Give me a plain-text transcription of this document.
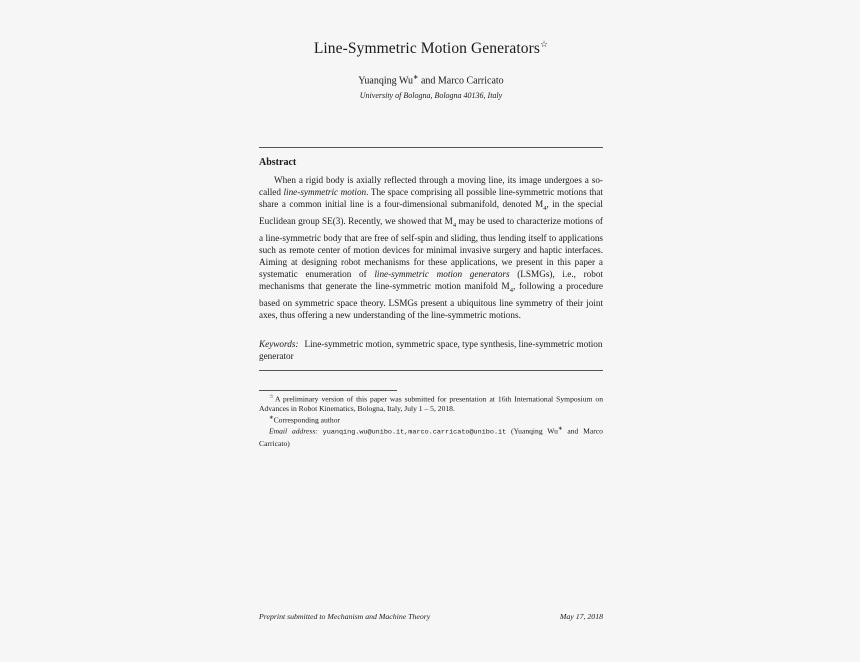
Line-Symmetric Motion Generators☆
Yuanqing Wu∗ and Marco Carricato
University of Bologna, Bologna 40136, Italy
Abstract
When a rigid body is axially reflected through a moving line, its image undergoes a so-called line-symmetric motion. The space comprising all possible line-symmetric motions that share a common initial line is a four-dimensional submanifold, denoted $M_4$, in the special Euclidean group SE(3). Recently, we showed that $M_4$ may be used to characterize motions of a line-symmetric body that are free of self-spin and sliding, thus lending itself to applications such as remote center of motion devices for minimal invasive surgery and haptic interfaces. Aiming at designing robot mechanisms for these applications, we present in this paper a systematic enumeration of line-symmetric motion generators (LSMGs), i.e., robot mechanisms that generate the line-symmetric motion manifold $M_4$, following a procedure based on symmetric space theory. LSMGs present a ubiquitous line symmetry of their joint axes, thus offering a new understanding of the line-symmetric motions.
Keywords: Line-symmetric motion, symmetric space, type synthesis, line-symmetric motion generator

☆A preliminary version of this paper was submitted for presentation at 16th International Symposium on Advances in Robot Kinematics, Bologna, Italy, July 1 – 5, 2018.

∗Corresponding author

Email address: yuanqing.wu@unibo.it,marco.carricato@unibo.it (Yuanqing Wu∗ and Marco Carricato)

Preprint submitted to Mechanism and Machine Theory	May 17, 2018
